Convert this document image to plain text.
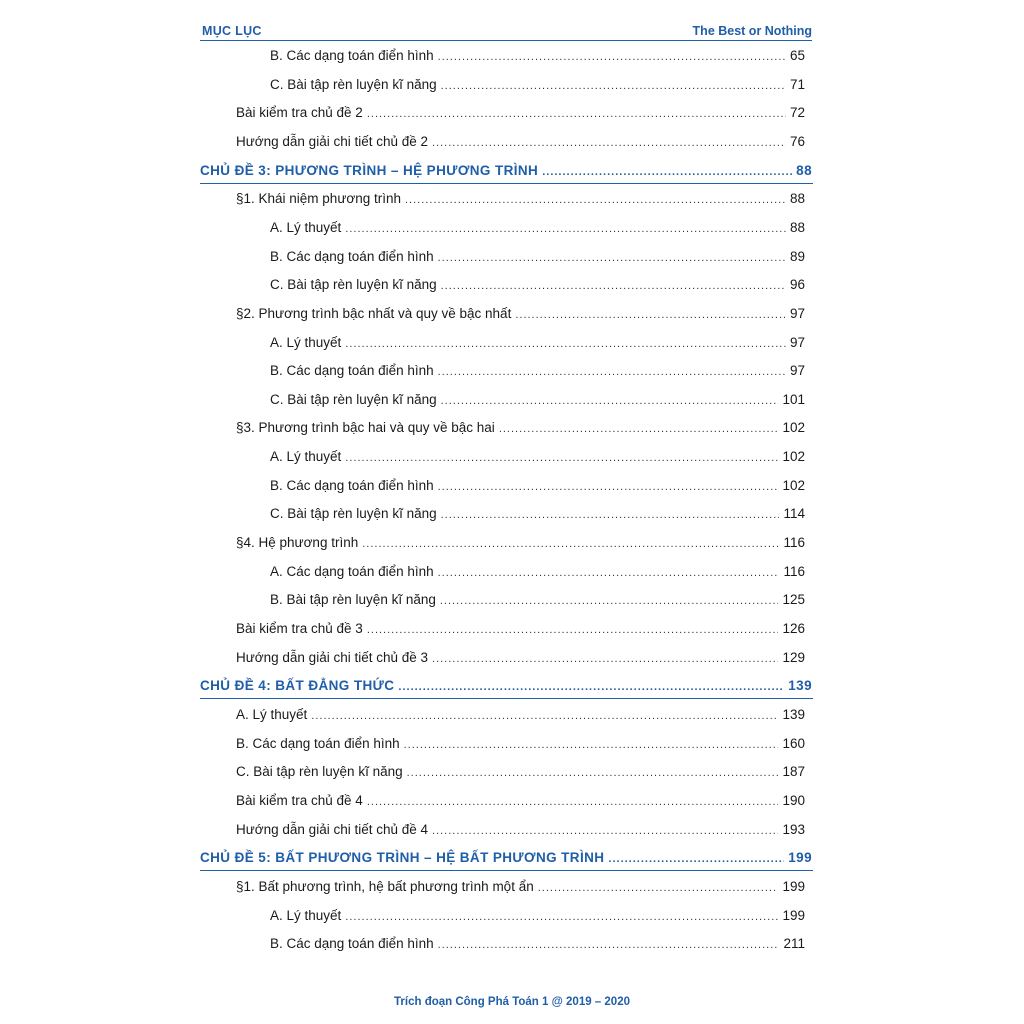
MỤC LỤC	The Best or Nothing
B. Các dạng toán điển hình .....	65
C. Bài tập rèn luyện kĩ năng .....	71
Bài kiểm tra chủ đề 2 .....	72
Hướng dẫn giải chi tiết chủ đề 2 .....	76
CHỦ ĐỀ 3: PHƯƠNG TRÌNH – HỆ PHƯƠNG TRÌNH .....	88
§1. Khái niệm phương trình .....	88
A. Lý thuyết .....	88
B. Các dạng toán điển hình .....	89
C. Bài tập rèn luyện kĩ năng .....	96
§2. Phương trình bậc nhất và quy về bậc nhất .....	97
A. Lý thuyết .....	97
B. Các dạng toán điển hình .....	97
C. Bài tập rèn luyện kĩ năng .....	101
§3. Phương trình bậc hai và quy về bậc hai .....	102
A. Lý thuyết .....	102
B. Các dạng toán điển hình .....	102
C. Bài tập rèn luyện kĩ năng .....	114
§4. Hệ phương trình .....	116
A. Các dạng toán điển hình .....	116
B. Bài tập rèn luyện kĩ năng .....	125
Bài kiểm tra chủ đề 3 .....	126
Hướng dẫn giải chi tiết chủ đề 3 .....	129
CHỦ ĐỀ 4: BẤT ĐẲNG THỨC .....	139
A. Lý thuyết .....	139
B. Các dạng toán điển hình .....	160
C. Bài tập rèn luyện kĩ năng .....	187
Bài kiểm tra chủ đề 4 .....	190
Hướng dẫn giải chi tiết chủ đề 4 .....	193
CHỦ ĐỀ 5: BẤT PHƯƠNG TRÌNH – HỆ BẤT PHƯƠNG TRÌNH .....	199
§1. Bất phương trình, hệ bất phương trình một ẩn .....	199
A. Lý thuyết .....	199
B. Các dạng toán điển hình .....	211
Trích đoạn Công Phá Toán 1 @ 2019 – 2020
